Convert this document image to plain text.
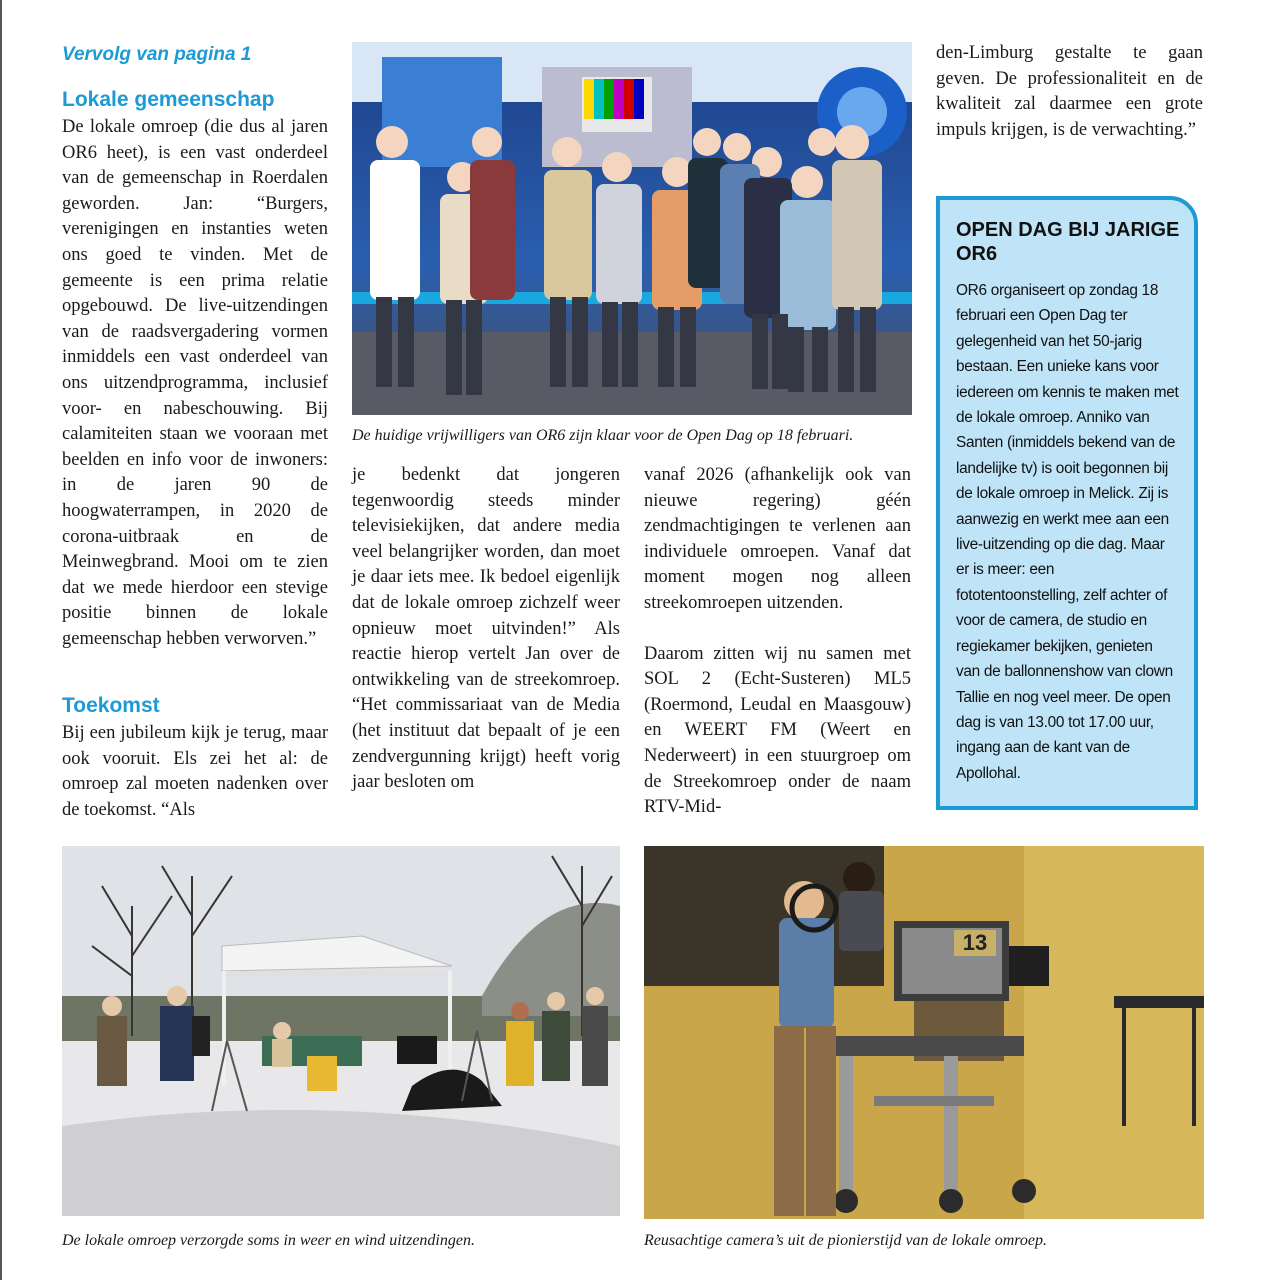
Vervolg van pagina 1
Lokale gemeenschap
De lokale omroep (die dus al jaren OR6 heet), is een vast onderdeel van de gemeenschap in Roerdalen geworden. Jan: “Burgers, verenigingen en instanties weten ons goed te vinden. Met de gemeente is een prima relatie opgebouwd. De live-uitzendingen van de raadsvergadering vormen inmiddels een vast onderdeel van ons uitzendprogramma, inclusief voor- en nabeschouwing. Bij calamiteiten staan we vooraan met beelden en info voor de inwoners: in de jaren 90 de hoogwaterrampen, in 2020 de corona-uitbraak en de Meinwegbrand. Mooi om te zien dat we mede hierdoor een stevige positie binnen de lokale gemeenschap hebben verworven.”
Toekomst
Bij een jubileum kijk je terug, maar ook vooruit. Els zei het al: de omroep zal moeten nadenken over de toekomst. “Als
De huidige vrijwilligers van OR6 zijn klaar voor de Open Dag op 18 februari.
je bedenkt dat jongeren tegenwoordig steeds minder televisiekijken, dat andere media veel belangrijker worden, dan moet je daar iets mee. Ik bedoel eigenlijk dat de lokale omroep zichzelf weer opnieuw moet uitvinden!” Als reactie hierop vertelt Jan over de ontwikkeling van de streekomroep. “Het commissariaat van de Media (het instituut dat bepaalt of je een zendvergunning krijgt) heeft vorig jaar besloten om

vanaf 2026 (afhankelijk ook van nieuwe regering) géén zendmachtigingen te verlenen aan individuele omroepen. Vanaf dat moment mogen nog alleen streekomroepen uitzenden.

Daarom zitten wij nu samen met SOL 2 (Echt-Susteren) ML5 (Roermond, Leudal en Maasgouw) en WEERT FM (Weert en Nederweert) in een stuurgroep om de Streekomroep onder de naam RTV-Mid-

den-Limburg gestalte te gaan geven. De professionaliteit en de kwaliteit zal daarmee een grote impuls krijgen, is de verwachting.”
OPEN DAG BIJ JARIGE OR6

OR6 organiseert op zondag 18 februari een Open Dag ter gelegenheid van het 50-jarig bestaan. Een unieke kans voor iedereen om kennis te maken met de lokale omroep. Anniko van Santen (inmiddels bekend van de landelijke tv) is ooit begonnen bij de lokale omroep in Melick. Zij is aanwezig en werkt mee aan een live-uitzending op die dag. Maar er is meer: een fototentoonstelling, zelf achter of voor de camera, de studio en regiekamer bekijken, genieten van de ballonnenshow van clown Tallie en nog veel meer. De open dag is van 13.00 tot 17.00 uur, ingang aan de kant van de Apollohal.

De lokale omroep verzorgde soms in weer en wind uitzendingen.
13
Reusachtige camera’s uit de pionierstijd van de lokale omroep.
